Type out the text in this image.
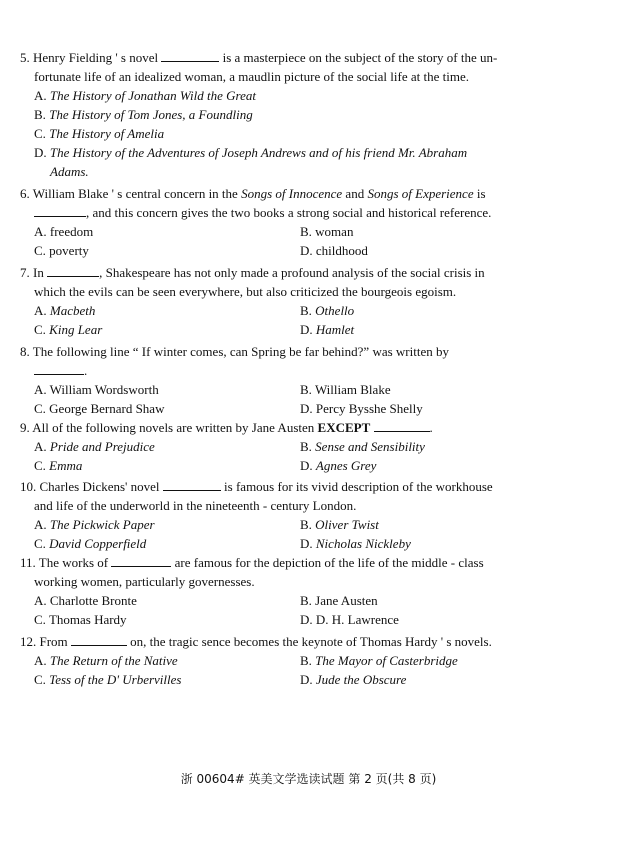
5. Henry Fielding ' s novel	is a masterpiece on the subject of the story of the un-
fortunate life of an idealized woman, a maudlin picture of the social life at the time.

A. The History of Jonathan Wild the Great
B. The History of Tom Jones, a Foundling
C. The History of Amelia
D. The History of the Adventures of Joseph Andrews and of his friend Mr. Abraham
Adams.

6. William Blake ' s central concern in the Songs of Innocence and Songs of Experience is
, and this concern gives the two books a strong social and historical reference.

A. freedom	B. woman
C. poverty	D. childhood

7. In	, Shakespeare has not only made a profound analysis of the social crisis in
which the evils can be seen everywhere, but also criticized the bourgeois egoism.

A. Macbeth	B. Othello
C. King Lear	D. Hamlet

8. The following line “ If winter comes, can Spring be far behind?” was written by
.

A. William Wordsworth	B. William Blake
C. George Bernard Shaw	D. Percy Bysshe Shelly

9. All of the following novels are written by Jane Austen EXCEPT	.

A. Pride and Prejudice	B. Sense and Sensibility
C. Emma	D. Agnes Grey

10. Charles Dickens' novel	is famous for its vivid description of the workhouse
and life of the underworld in the nineteenth - century London.

A. The Pickwick Paper	B. Oliver Twist
C. David Copperfield	D. Nicholas Nickleby

11. The works of	are famous for the depiction of the life of the middle - class
working women, particularly governesses.

A. Charlotte Bronte	B. Jane Austen
C. Thomas Hardy	D. D. H. Lawrence

12. From	on, the tragic sence becomes the keynote of Thomas Hardy ' s novels.

A. The Return of the Native	B. The Mayor of Casterbridge
C. Tess of the D' Urbervilles	D. Jude the Obscure
浙 00604# 英美文学选读试题 第 2 页(共 8 页)
